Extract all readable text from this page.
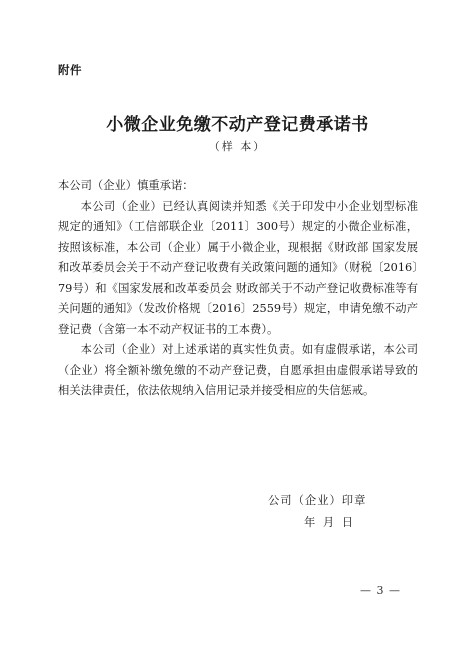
附件
小微企业免缴不动产登记费承诺书
（样 本）

本公司（企业）慎重承诺：

本公司（企业）已经认真阅读并知悉《关于印发中小企业划型标准规定的通知》（工信部联企业〔2011〕300号）规定的小微企业标准，按照该标准，本公司（企业）属于小微企业，现根据《财政部 国家发展和改革委员会关于不动产登记收费有关政策问题的通知》（财税〔2016〕79号）和《国家发展和改革委员会 财政部关于不动产登记收费标准等有关问题的通知》（发改价格规〔2016〕2559号）规定，申请免缴不动产登记费（含第一本不动产权证书的工本费）。

本公司（企业）对上述承诺的真实性负责。如有虚假承诺，本公司（企业）将全额补缴免缴的不动产登记费，自愿承担由虚假承诺导致的相关法律责任，依法依规纳入信用记录并接受相应的失信惩戒。

公司（企业）印章
年 月 日
— 3 —
